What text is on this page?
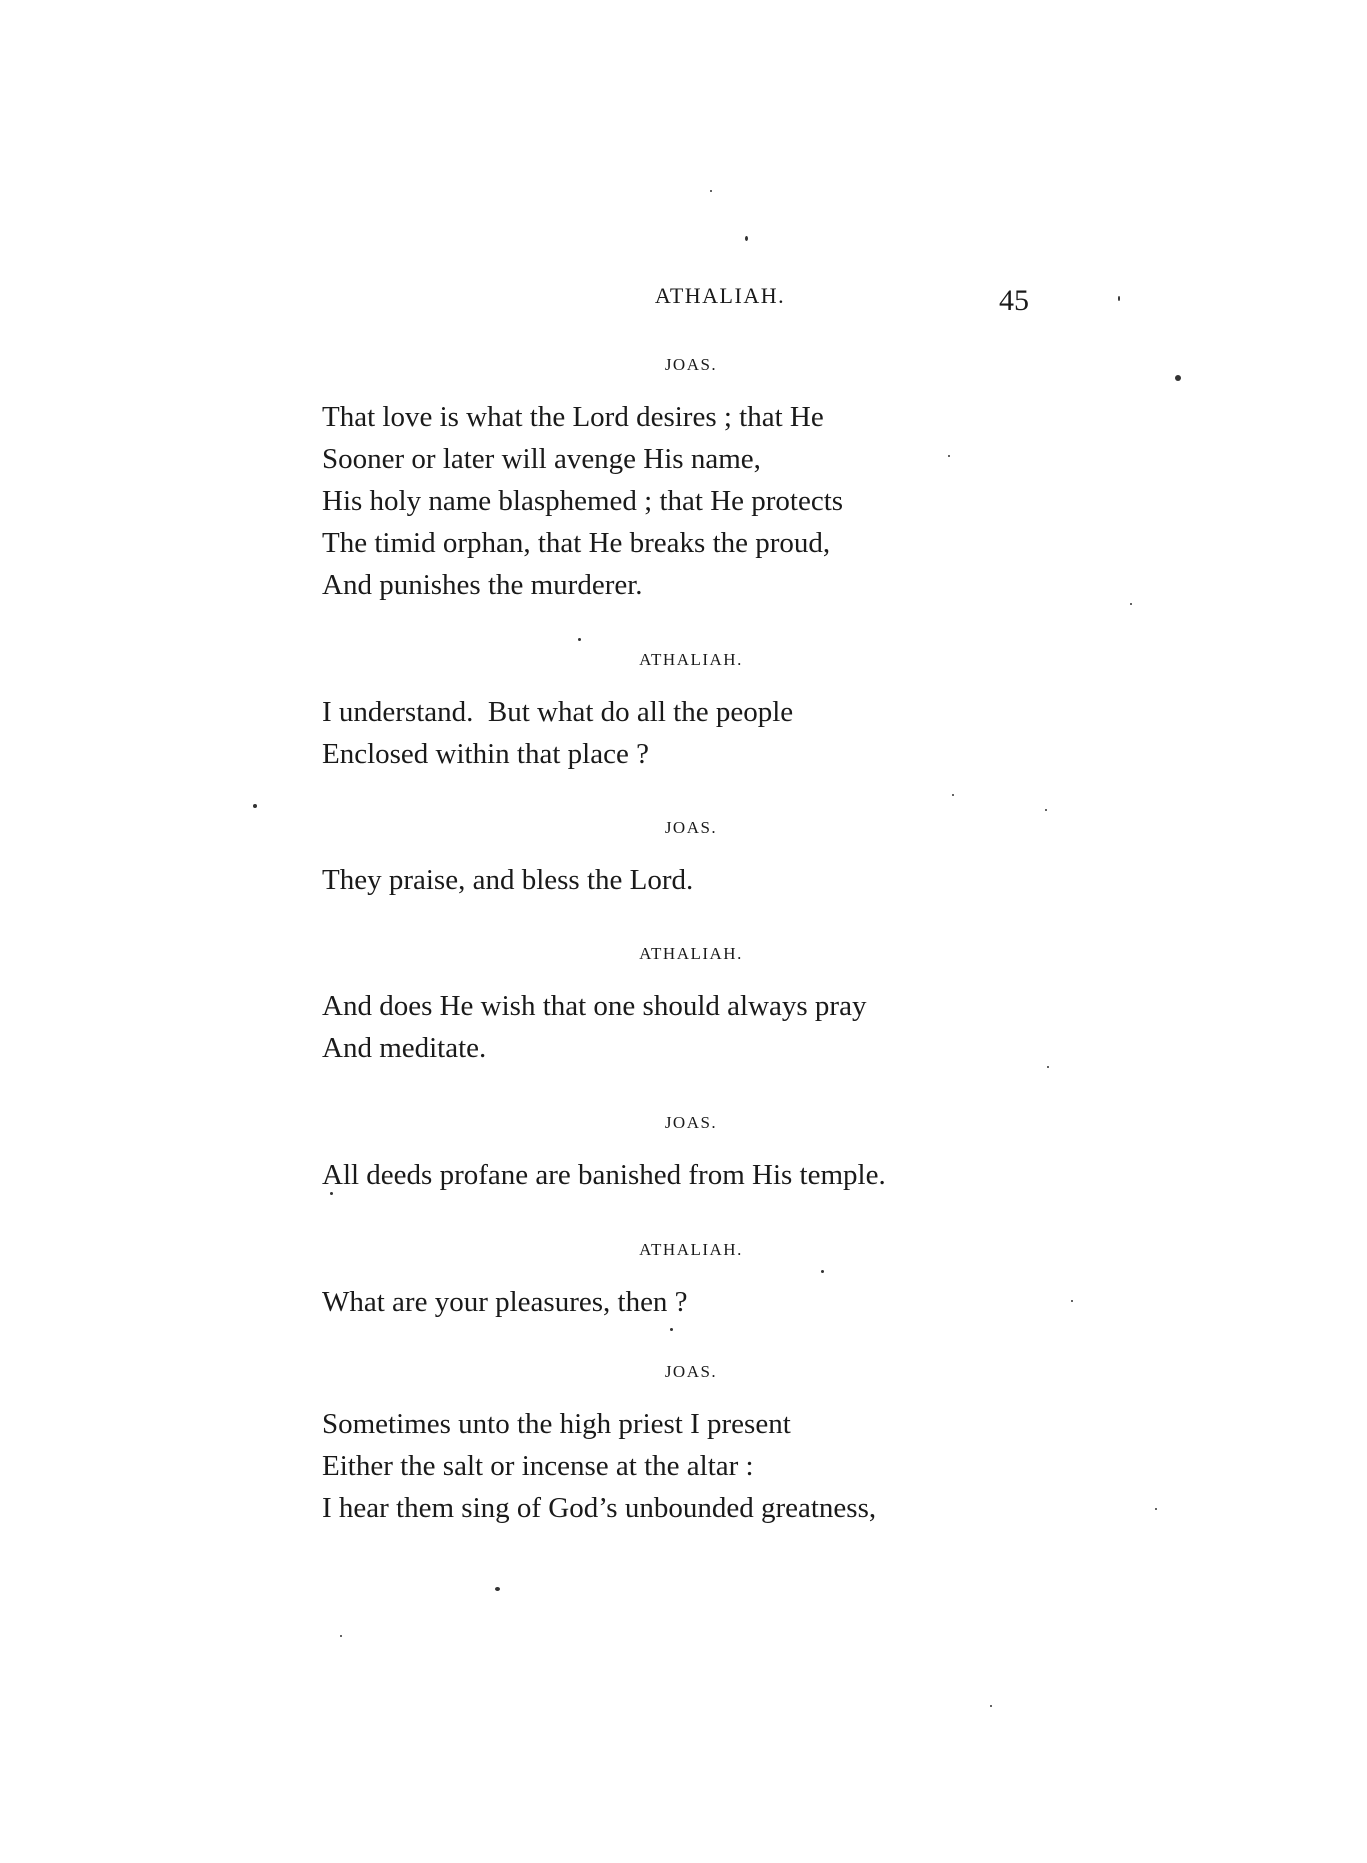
ATHALIAH.	45
JOAS.
That love is what the Lord desires ; that He
Sooner or later will avenge His name,
His holy name blasphemed ; that He protects
The timid orphan, that He breaks the proud,
And punishes the murderer.
ATHALIAH.
I understand.  But what do all the people
Enclosed within that place ?
JOAS.
They praise, and bless the Lord.
ATHALIAH.
And does He wish that one should always pray
And meditate.
JOAS.
All deeds profane are banished from His temple.
ATHALIAH.
What are your pleasures, then ?
JOAS.
Sometimes unto the high priest I present
Either the salt or incense at the altar :
I hear them sing of God’s unbounded greatness,
